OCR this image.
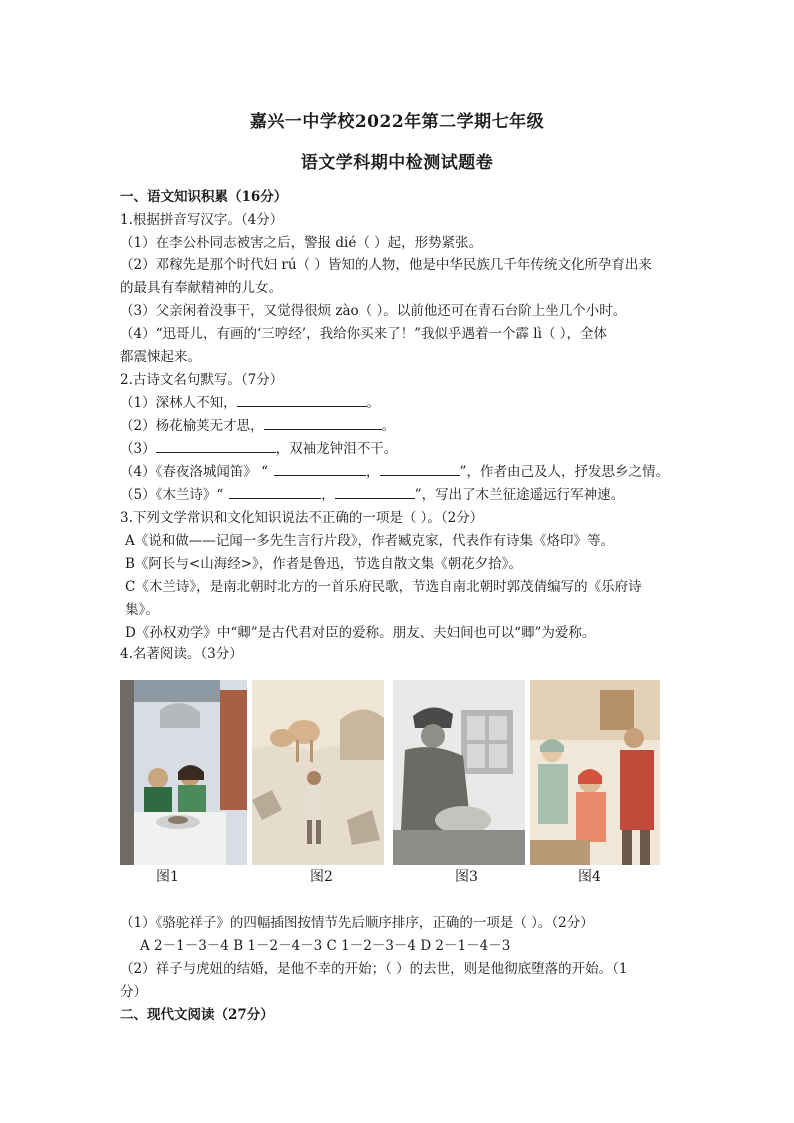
嘉兴一中学校2022年第二学期七年级
语文学科期中检测试题卷
一、语文知识积累（16分）
1.根据拼音写汉字。（4分）
（1）在李公朴同志被害之后，警报 dié（ ）起，形势紧张。
（2）邓稼先是那个时代妇 rú（ ）皆知的人物，他是中华民族几千年传统文化所孕育出来
的最具有奉献精神的儿女。
（3）父亲闲着没事干，又觉得很烦 zào（ ）。以前他还可在青石台阶上坐几个小时。
（4）“迅哥儿，有画的‘三哼经’，我给你买来了！”我似乎遇着一个霹 lì（ ），全体
都震悚起来。
2.古诗文名句默写。（7分）
（1）深林人不知，	。
（2）杨花榆荚无才思，	。
（3）	，双袖龙钟泪不干。
（4）《春夜洛城闻笛》 “	，	”，作者由己及人，抒发思乡之情。
（5）《木兰诗》“	，	”，写出了木兰征途遥远行军神速。
3.下列文学常识和文化知识说法不正确的一项是（ ）。（2分）
A《说和做——记闻一多先生言行片段》，作者臧克家，代表作有诗集《烙印》等。
B《阿长与<山海经>》，作者是鲁迅，节选自散文集《朝花夕拾》。
C《木兰诗》，是南北朝时北方的一首乐府民歌，节选自南北朝时郭茂倩编写的《乐府诗
集》。
D《孙权劝学》中“卿”是古代君对臣的爱称。朋友、夫妇间也可以“卿”为爱称。
4.名著阅读。（3分）
图1	图2	图3	图4
（1）《骆驼祥子》的四幅插图按情节先后顺序排序，正确的一项是（ ）。（2分）
A 2－1－3－4 B 1－2－4－3 C 1－2－3－4 D 2－1－4－3
（2）祥子与虎妞的结婚，是他不幸的开始；（ ）的去世，则是他彻底堕落的开始。（1
分）
二、现代文阅读（27分）
